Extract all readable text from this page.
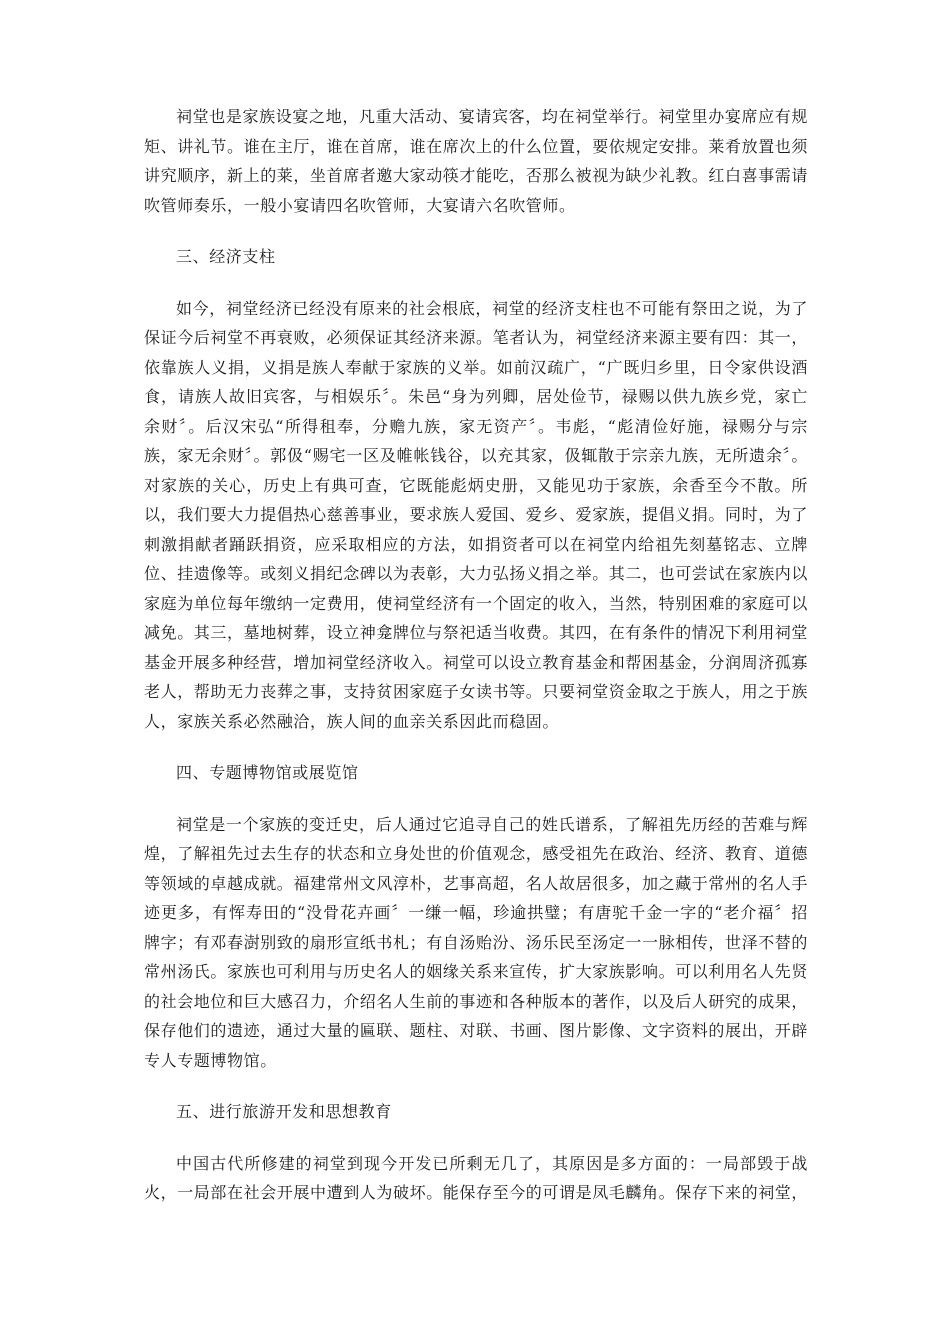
祠堂也是家族设宴之地，凡重大活动、宴请宾客，均在祠堂举行。祠堂里办宴席应有规矩、讲礼节。谁在主厅，谁在首席，谁在席次上的什么位置，要依规定安排。莱肴放置也须讲究顺序，新上的莱，坐首席者邀大家动筷才能吃，否那么被视为缺少礼教。红白喜事需请吹管师奏乐，一般小宴请四名吹管师，大宴请六名吹管师。

三、经济支柱

如今，祠堂经济已经没有原来的社会根底，祠堂的经济支柱也不可能有祭田之说，为了保证今后祠堂不再衰败，必须保证其经济来源。笔者认为，祠堂经济来源主要有四：其一，依靠族人义捐，义捐是族人奉献于家族的义举。如前汉疏广，“广既归乡里，日令家供设酒食，请族人故旧宾客，与相娱乐〞。朱邑“身为列卿，居处俭节，禄赐以供九族乡党，家亡余财〞。后汉宋弘“所得租奉，分赡九族，家无资产〞。韦彪，“彪清俭好施，禄赐分与宗族，家无余财〞。郭伋“赐宅一区及帷帐钱谷，以充其家，伋辄散于宗亲九族，无所遗余〞。对家族的关心，历史上有典可查，它既能彪炳史册，又能见功于家族，余香至今不散。所以，我们要大力提倡热心慈善事业，要求族人爱国、爱乡、爱家族，提倡义捐。同时，为了刺激捐献者踊跃捐资，应采取相应的方法，如捐资者可以在祠堂内给祖先刻墓铭志、立牌位、挂遗像等。或刻义捐纪念碑以为表彰，大力弘扬义捐之举。其二，也可尝试在家族内以家庭为单位每年缴纳一定费用，使祠堂经济有一个固定的收入，当然，特别困难的家庭可以减免。其三，墓地树葬，设立神龛牌位与祭祀适当收费。其四，在有条件的情况下利用祠堂基金开展多种经营，增加祠堂经济收入。祠堂可以设立教育基金和帮困基金，分润周济孤寡老人，帮助无力丧葬之事，支持贫困家庭子女读书等。只要祠堂资金取之于族人，用之于族人，家族关系必然融洽，族人间的血亲关系因此而稳固。

四、专题博物馆或展览馆

祠堂是一个家族的变迁史，后人通过它追寻自己的姓氏谱系，了解祖先历经的苦难与辉煌，了解祖先过去生存的状态和立身处世的价值观念，感受祖先在政治、经济、教育、道德等领域的卓越成就。福建常州文风淳朴，艺事高超，名人故居很多，加之藏于常州的名人手迹更多，有恽寿田的“没骨花卉画〞一缣一幅，珍逾拱璧；有唐驼千金一字的“老介福〞招牌字；有邓春澍别致的扇形宣纸书札；有自汤贻汾、汤乐民至汤定一一脉相传，世泽不替的常州汤氏。家族也可利用与历史名人的姻缘关系来宣传，扩大家族影响。可以利用名人先贤的社会地位和巨大感召力，介绍名人生前的事迹和各种版本的著作，以及后人研究的成果，保存他们的遗迹，通过大量的匾联、题柱、对联、书画、图片影像、文字资料的展出，开辟专人专题博物馆。

五、进行旅游开发和思想教育

中国古代所修建的祠堂到现今开发已所剩无几了，其原因是多方面的：一局部毁于战火，一局部在社会开展中遭到人为破坏。能保存至今的可谓是凤毛麟角。保存下来的祠堂，
